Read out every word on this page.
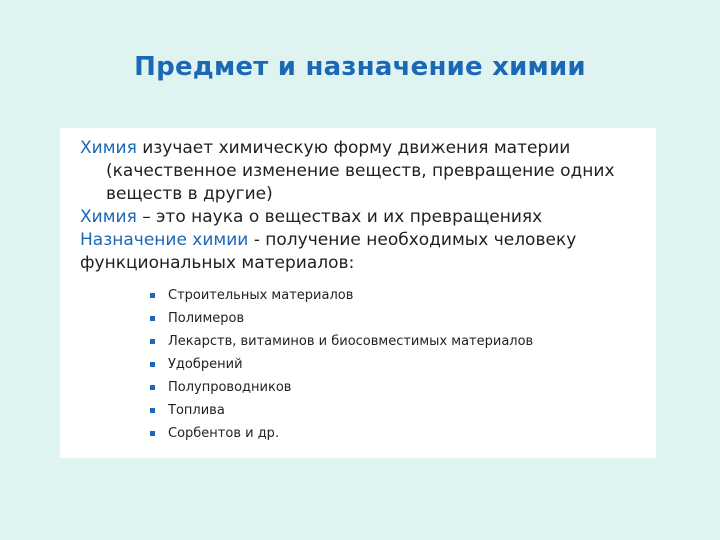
Предмет и назначение химии
Химия изучает химическую форму движения материи
(качественное изменение веществ, превращение одних веществ в другие)
Химия – это наука о веществах и их превращениях
Назначение химии - получение необходимых человеку функциональных материалов:
Строительных материалов
Полимеров
Лекарств, витаминов и биосовместимых материалов
Удобрений
Полупроводников
Топлива
Сорбентов и др.
